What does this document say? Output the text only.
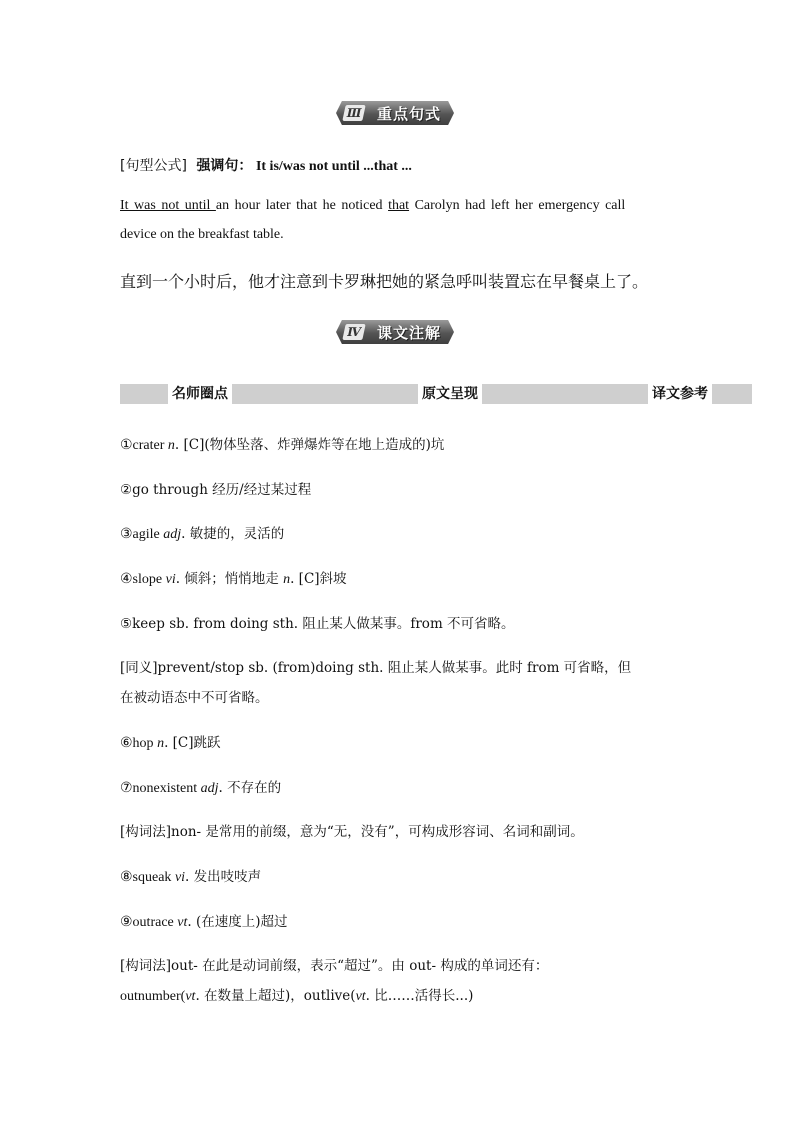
Ⅲ 重点句式
[句型公式] 强调句： It is/was not until ...that ...
It was not until an hour later that he noticed that Carolyn had left her emergency call
device on the breakfast table.
直到一个小时后，他才注意到卡罗琳把她的紧急呼叫装置忘在早餐桌上了。
Ⅳ 课文注解
名师圈点	原文呈现	译文参考
①crater n. [C](物体坠落、炸弹爆炸等在地上造成的)坑
②go through 经历/经过某过程
③agile adj. 敏捷的，灵活的
④slope vi. 倾斜；悄悄地走 n. [C]斜坡
⑤keep sb. from doing sth. 阻止某人做某事。from 不可省略。
[同义]prevent/stop sb. (from)doing sth. 阻止某人做某事。此时 from 可省略，但
在被动语态中不可省略。
⑥hop n. [C]跳跃
⑦nonexistent adj. 不存在的
[构词法]non- 是常用的前缀，意为“无，没有”，可构成形容词、名词和副词。
⑧squeak vi. 发出吱吱声
⑨outrace vt. (在速度上)超过
[构词法]out- 在此是动词前缀，表示“超过”。由 out- 构成的单词还有：
outnumber(vt. 在数量上超过)，outlive(vt. 比……活得长...)
